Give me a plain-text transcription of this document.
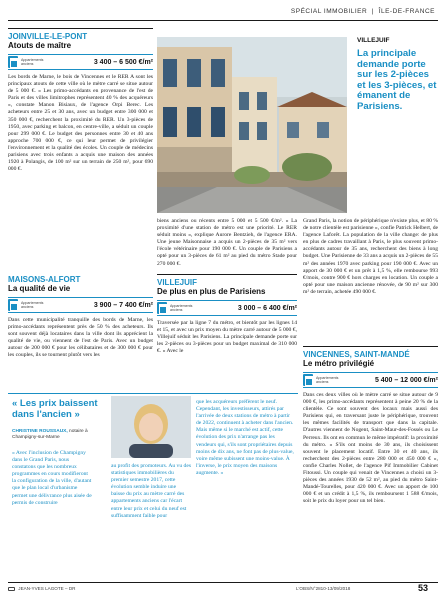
SPÉCIAL IMMOBILIER  |  ÎLE-DE-FRANCE
JOINVILLE-LE-PONT
Atouts de maître
Appartements anciens	3 400 – 6 500 €/m²
Les bords de Marne, le bois de Vincennes et le RER A sont les principaux atouts de cette ville où le mètre carré se situe autour de 5 000 €. « Les primo-accédants en provenance de l'est de Paris et des villes limitrophes représentent 40 % des acquéreurs », constate Manon Bisiaux, de l'agence Orpi Berec. Les acheteurs entre 25 et 30 ans, avec un budget entre 300 000 et 350 000 €, recherchent la proximité du RER. Un 3-pièces de 1950, avec parking et balcon, en centre-ville, a séduit un couple pour 299 000 €. Le budget des personnes entre 30 et 40 ans approche 700 000 €, ce qui leur permet de privilégier l'environnement et la qualité des écoles. Un couple de médecins parisiens avec trois enfants a acquis une maison des années 1920 à Polangis, de 100 m² sur un terrain de 250 m², pour 690 000 €.
MAISONS-ALFORT
La qualité de vie
Appartements anciens	3 900 – 7 400 €/m²
Dans cette municipalité tranquille des bords de Marne, les primo-accédants représentent près de 50 % des acheteurs. Ils sont souvent déjà locataires dans la ville dont ils apprécient la qualité de vie, ou viennent de l'est de Paris. Avec un budget autour de 200 000 € pour les célibataires et de 300 000 € pour les couples, ils se tournent plutôt vers les
VILLEJUIF
La principale demande porte sur les 2-pièces et les 3-pièces, et émanent de Parisiens.
biens anciens ou récents entre 5 000 et 5 500 €/m². « La proximité d'une station de métro est une priorité. Le RER séduit moins », explique Aurore Bentzieh, de l'agence ERA. Une jeune Maisonnaise a acquis un 2-pièces de 35 m² vers l'école vétérinaire pour 190 000 €. Un couple de Parisiens a opté pour un 3-pièces de 61 m² au pied du métro Stade pour 270 000 €.
VILLEJUIF
De plus en plus de Parisiens
Appartements anciens	3 000 – 6 400 €/m²
Traversée par la ligne 7 du métro, et bientôt par les lignes 14 et 15, et avec un prix moyen du mètre carré autour de 5 000 €, Villejuif séduit les Parisiens. La principale demande porte sur les 2-pièces ou 3-pièces pour un budget maximal de 310 000 €. « Avec le
Grand Paris, la notion de périphérique n'existe plus, et 80 % de notre clientèle est parisienne », confie Patrick Helbert, de l'agence Laforêt. La population de la ville change: de plus en plus de cadres travaillant à Paris, le plus souvent primo-accédants autour de 35 ans, recherchent des biens à long budget. Une Parisienne de 33 ans a acquis un 2-pièces de 55 m² des années 1970 avec parking pour 190 000 €. Avec un apport de 30 000 € et un prêt à 1,5 %, elle rembourse 993 €/mois, contre 900 € hors charges en location. Un couple a opté pour une maison ancienne rénovée, de 90 m² sur 300 m² de terrain, achetée 490 000 €.
VINCENNES, SAINT-MANDÉ
Le métro privilégié
Appartements anciens	5 400 – 12 000 €/m²
Dans ces deux villes où le mètre carré se situe autour de 9 000 €, les primo-accédants représentent à peine 20 % de la clientèle. Ce sont souvent des locaux mais aussi des Parisiens qui, en traversant juste le périphérique, trouvent les mêmes facilités de transport que dans la capitale. D'autres viennent de Nogent, Saint-Maur-des-Fossés ou Le Perreux. Ils ont en commun le même impératif: la proximité du métro. « S'ils ont moins de 30 ans, ils choisissent souvent le placement locatif. Entre 30 et 40 ans, ils recherchent des 2-pièces entre 280 000 et 450 000 € », confie Charles Nollet, de l'agence Pif Immobilier Cabinet Fitoussi. Un couple qui venait de Vincennes a choisi un 3-pièces des années 1930 de 52 m², au pied du métro Saint-Mandé-Tourelles, pour 420 000 €. Avec un apport de 100 000 € et un crédit à 1,5 %, ils remboursent 1 588 €/mois, soit le prix du loyer pour un tel bien.
« Les prix baissent dans l'ancien »
CHRISTINE ROUSSAUX, notaire à Champigny-sur-Marne
« Avec l'inclusion de Champigny dans le Grand Paris, nous constatons que les nombreux programmes en cours modifieront la configuration de la ville, d'autant que le plan local d'urbanisme permet une délivrance plus aisée de permis de construire
au profit des promoteurs. Au vu des statistiques immobilières du premier semestre 2017, cette évolution semble induire une baisse du prix au mètre carré des appartements anciens car l'écart entre leur prix et celui du neuf est suffisamment faible pour
que les acquéreurs préfèrent le neuf. Cependant, les investisseurs, attirés par l'arrivée de deux stations de métro à partir de 2022, continuent à acheter dans l'ancien. Mais même si le marché est actif, cette évolution des prix n'arrange pas les vendeurs qui, s'ils sont propriétaires depuis moins de dix ans, ne font pas de plus-value, voire même subissent une moins-value. À l'inverse, le prix moyen des maisons augmente. »
JEAN-YVES LAGOTE – DR	L'OBS/N°2810-13/09/2018	53
